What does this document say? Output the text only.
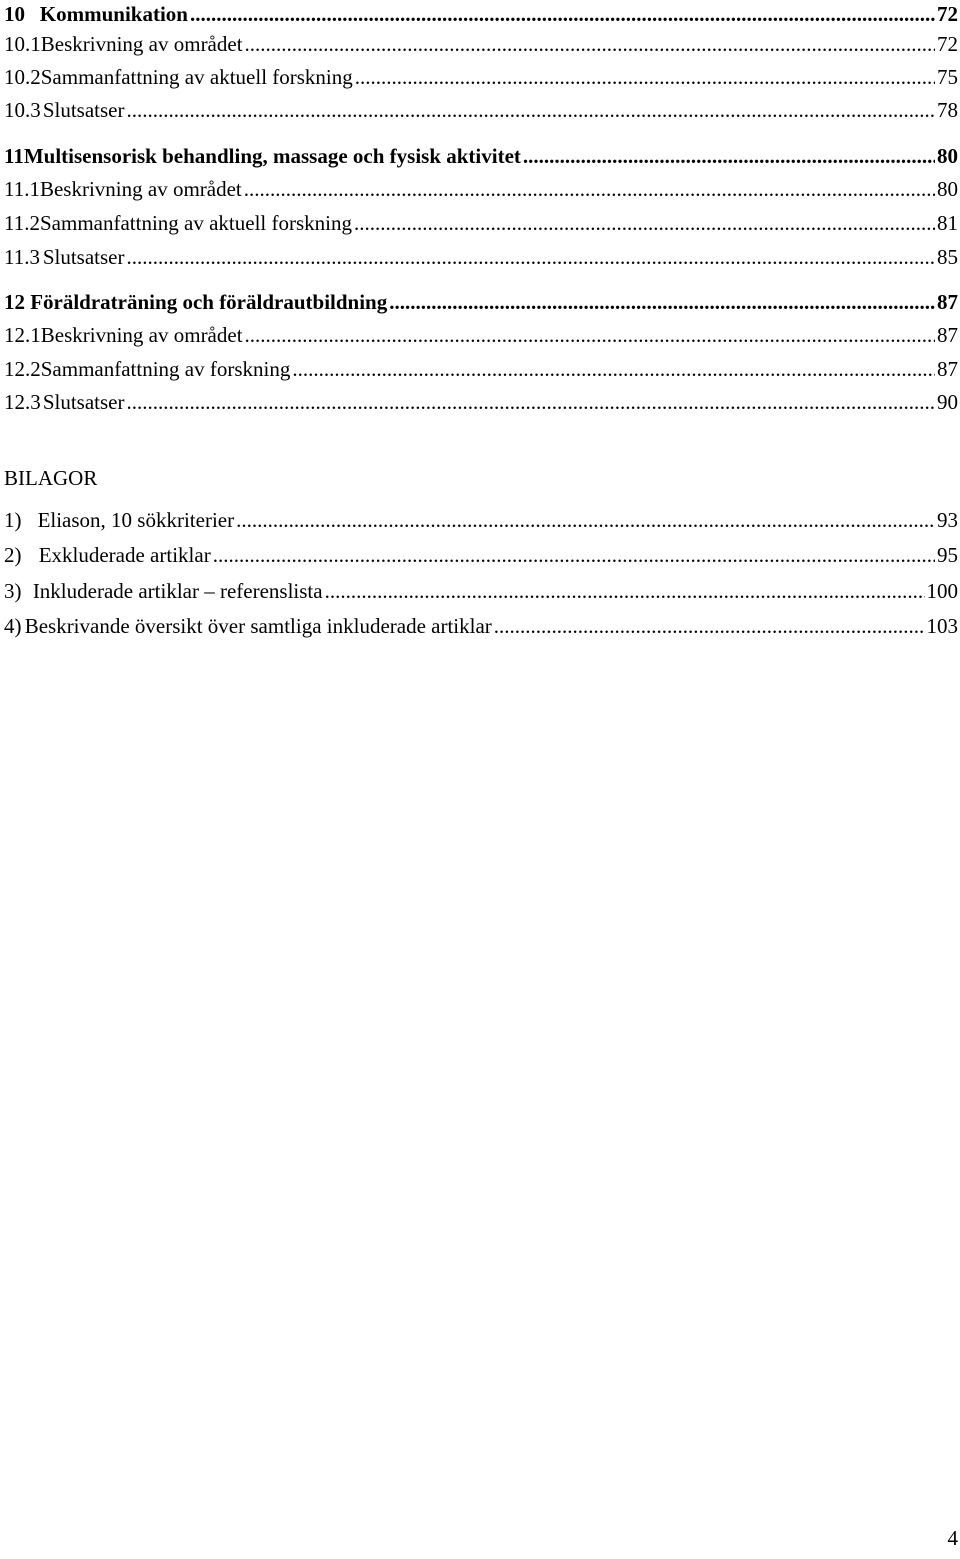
10 Kommunikation .....	72
10.1 Beskrivning av området .....	72
10.2 Sammanfattning av aktuell forskning .....	75
10.3 Slutsatser .....	78
11 Multisensorisk behandling, massage och fysisk aktivitet .....	80
11.1 Beskrivning av området .....	80
11.2 Sammanfattning av aktuell forskning .....	81
11.3 Slutsatser .....	85
12 Föräldraträning och föräldrautbildning .....	87
12.1 Beskrivning av området .....	87
12.2 Sammanfattning av forskning .....	87
12.3 Slutsatser .....	90
BILAGOR
1) Eliason, 10 sökkriterier .....	93
2) Exkluderade artiklar .....	95
3) Inkluderade artiklar – referenslista .....	100
4) Beskrivande översikt över samtliga inkluderade artiklar .....	103
4
